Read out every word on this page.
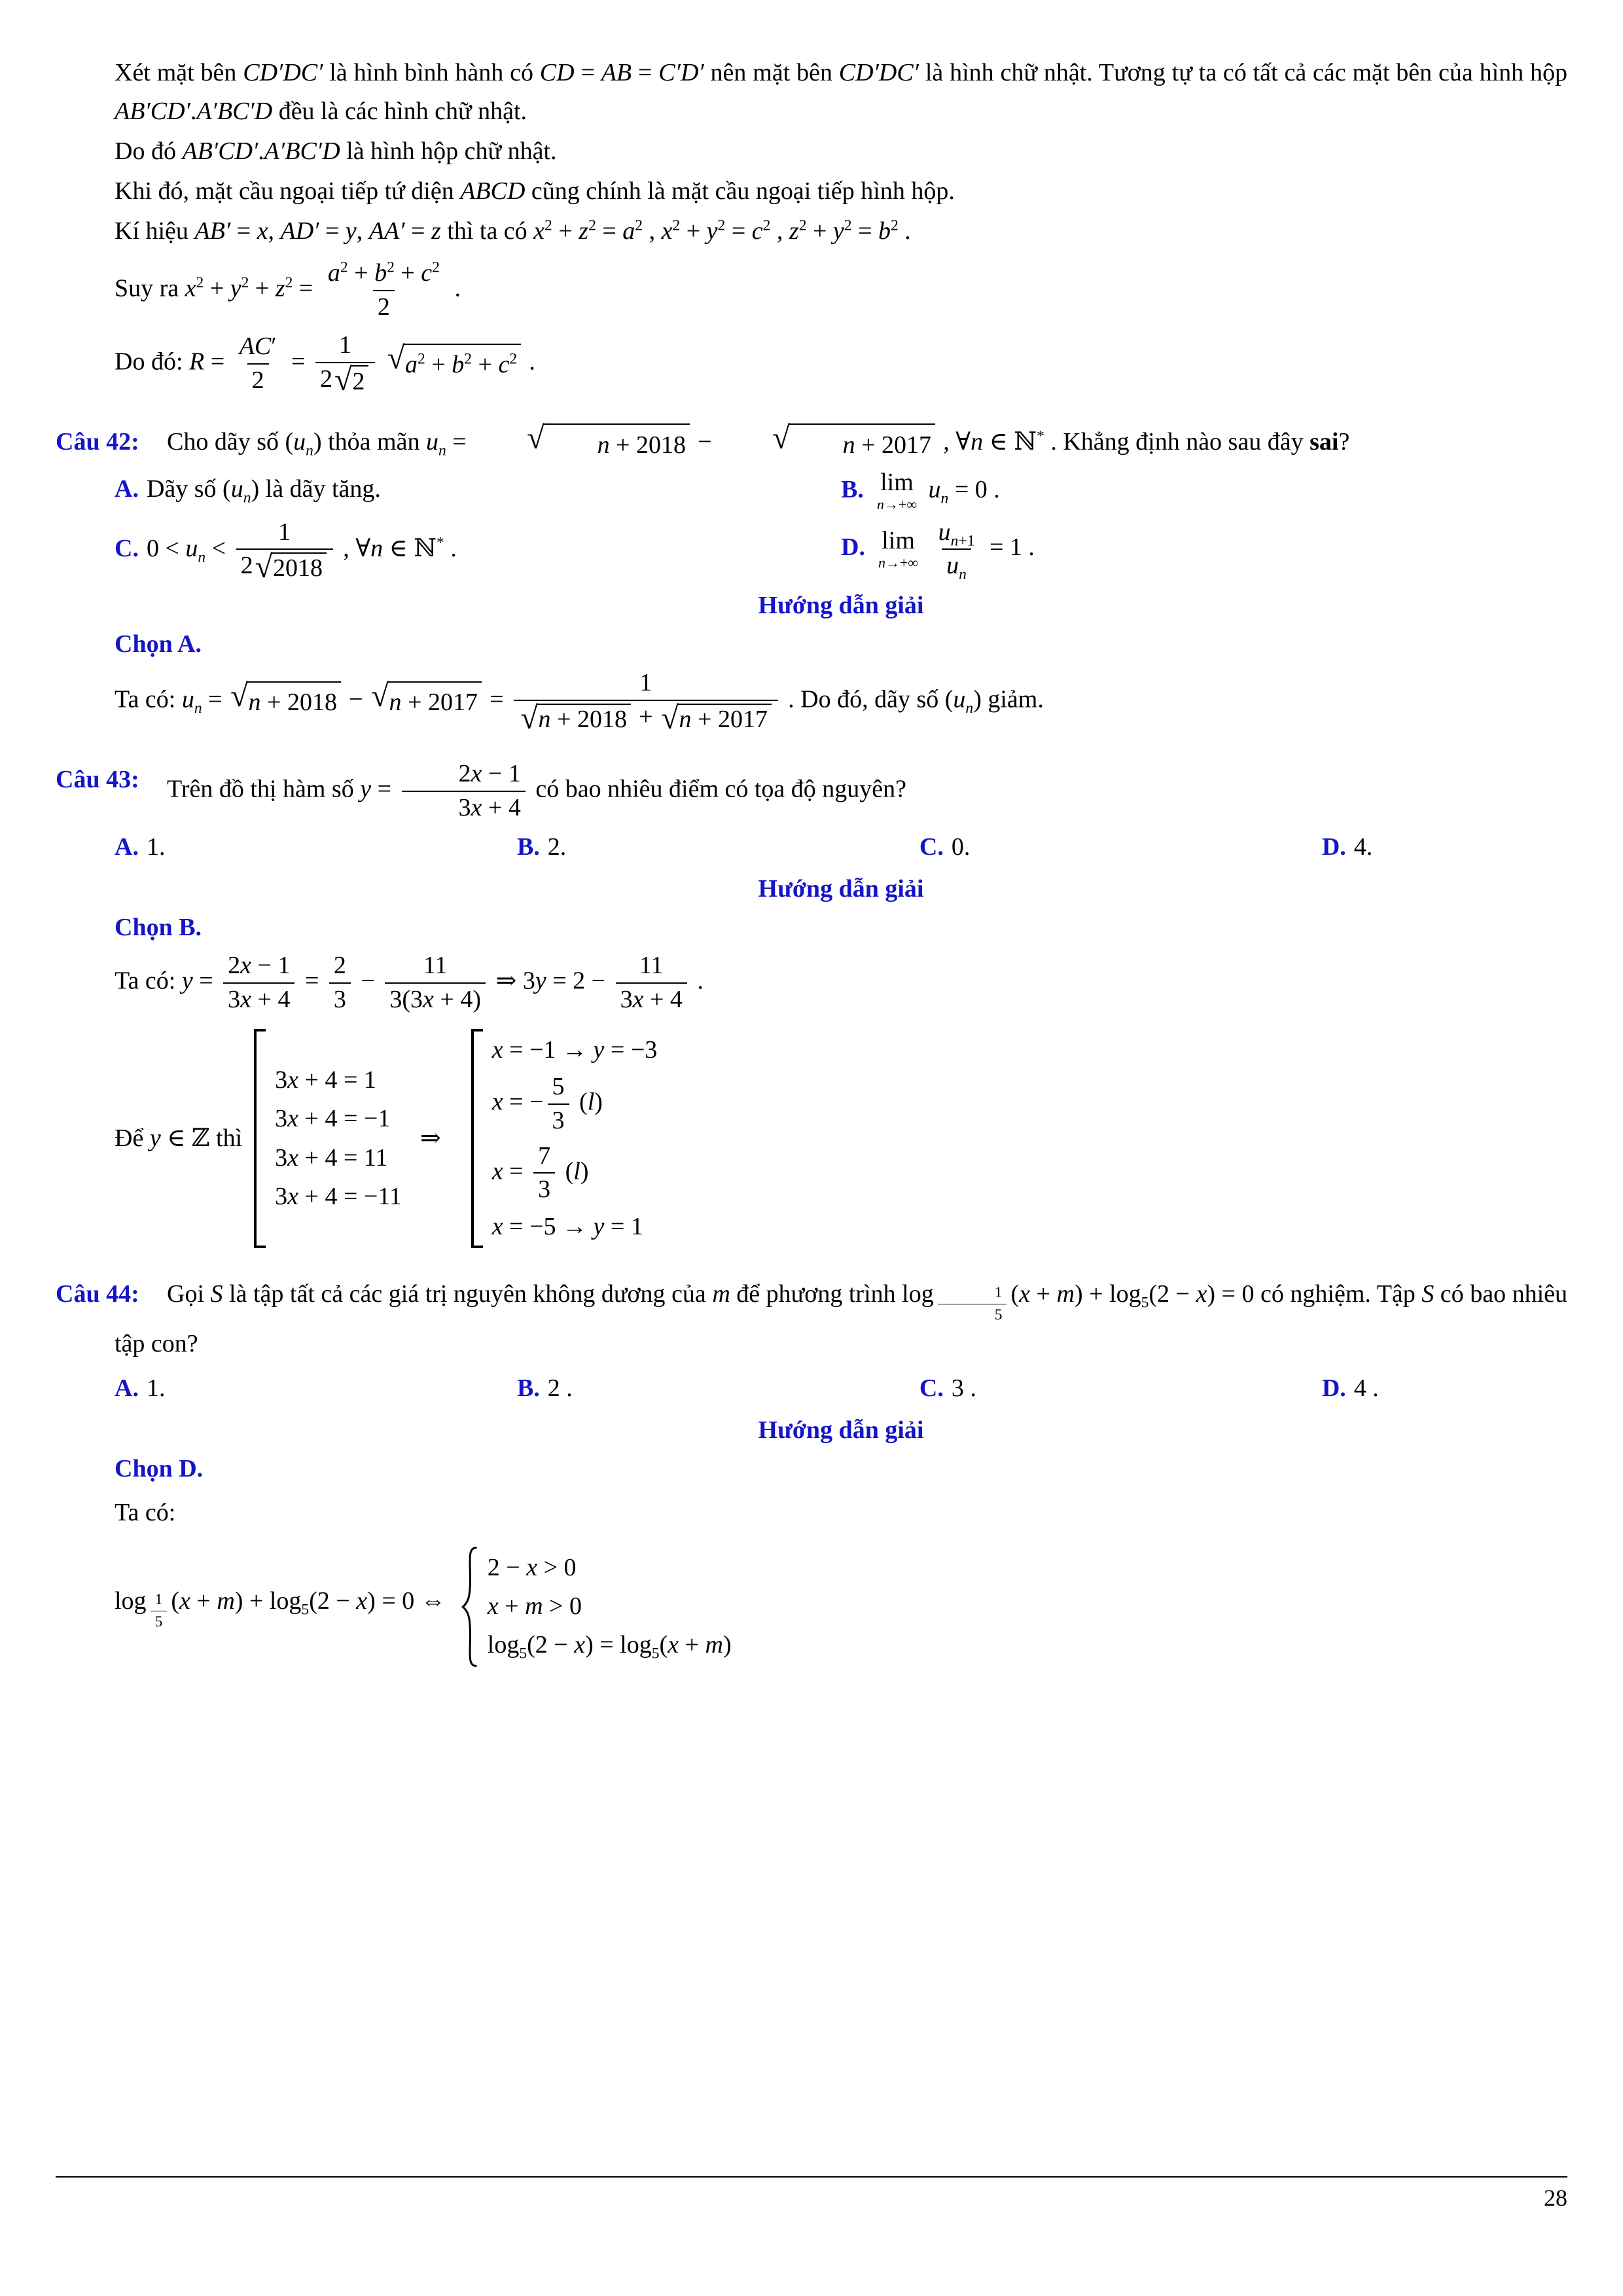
Xét mặt bên CD′DC′ là hình bình hành có CD = AB = C′D′ nên mặt bên CD′DC′ là hình chữ nhật. Tương tự ta có tất cả các mặt bên của hình hộp AB′CD′.A′BC′D đều là các hình chữ nhật.

Do đó AB′CD′.A′BC′D là hình hộp chữ nhật.

Khi đó, mặt cầu ngoại tiếp tứ diện ABCD cũng chính là mặt cầu ngoại tiếp hình hộp.

Kí hiệu AB′ = x, AD′ = y, AA′ = z thì ta có $x^2 + z^2 = a^2$ , $x^2 + y^2 = c^2$ , $z^2 + y^2 = b^2$ .

Suy ra $x^2 + y^2 + z^2 = \frac{a^2 + b^2 + c^2}{2}$ .

Do đó: $R = \frac{AC'}{2} = \frac{1}{2 √ 2}$
√ $a^2 + b^2 + c^2$ .

Câu 42:	Cho dãy số $(u_n)$ thỏa mãn $u_n$ =	√	n + 2018 −	√	n + 2017 , ∀n ∈ ℕ* . Khẳng định nào sau đây sai?

A. Dãy số $(u_n)$ là dãy tăng.	B. lim
n→+∞
$u_n = 0$ .
C. $0 < u_n < \frac{1}{2 √ 2018}$ , ∀n ∈ ℕ* .	D. lim
n→+∞
$\frac{u_{n+1}}{u_n} = 1$ .

Hướng dẫn giải

Chọn A.

Ta có: $u_n$ = √ n + 2018 − √ $n + 2017 = \frac{1}{√ n + 2018 + √ n + 2017}$ . Do đó, dãy số $(u_n)$ giảm.

Câu 43:	Trên đồ thị hàm số $y = \frac{2x - 1}{3x + 4}$ có bao nhiêu điểm có tọa độ nguyên?

A. 1.	B. 2.	C. 0.	D. 4.

Hướng dẫn giải

Chọn B.

Ta có: $y = \frac{2x - 1}{3x + 4} = \frac{2}{3} - \frac{11}{3(3x + 4)}$ ⇒ $3y = 2 - \frac{11}{3x + 4}$ .

Để y ∈ ℤ thì
3x + 4 = 1
3x + 4 = −1
3x + 4 = 11
3x + 4 = −11
⇒
x = −1 → y = −3
x = − $\frac{5}{3} (l)$
$x = \frac{7}{3} (l)$
x = −5 → y = 1
Câu 44:	Gọi S là tập tất cả các giá trị nguyên không dương của m để phương trình log $_{\frac{1}{5}}$ $(x + m) + \log_5(2 - x) = 0$ có nghiệm. Tập S có bao nhiêu tập con?

A. 1.	B. 2 .	C. 3 .	D. 4 .

Hướng dẫn giải

Chọn D.

Ta có:

log $_{\frac{1}{5}}$ $(x + m) + \log_5(2 - x) = 0$ ⇔
2 − x > 0
x + m > 0
$\log_5(2 - x) = \log_5(x + m)$
28
